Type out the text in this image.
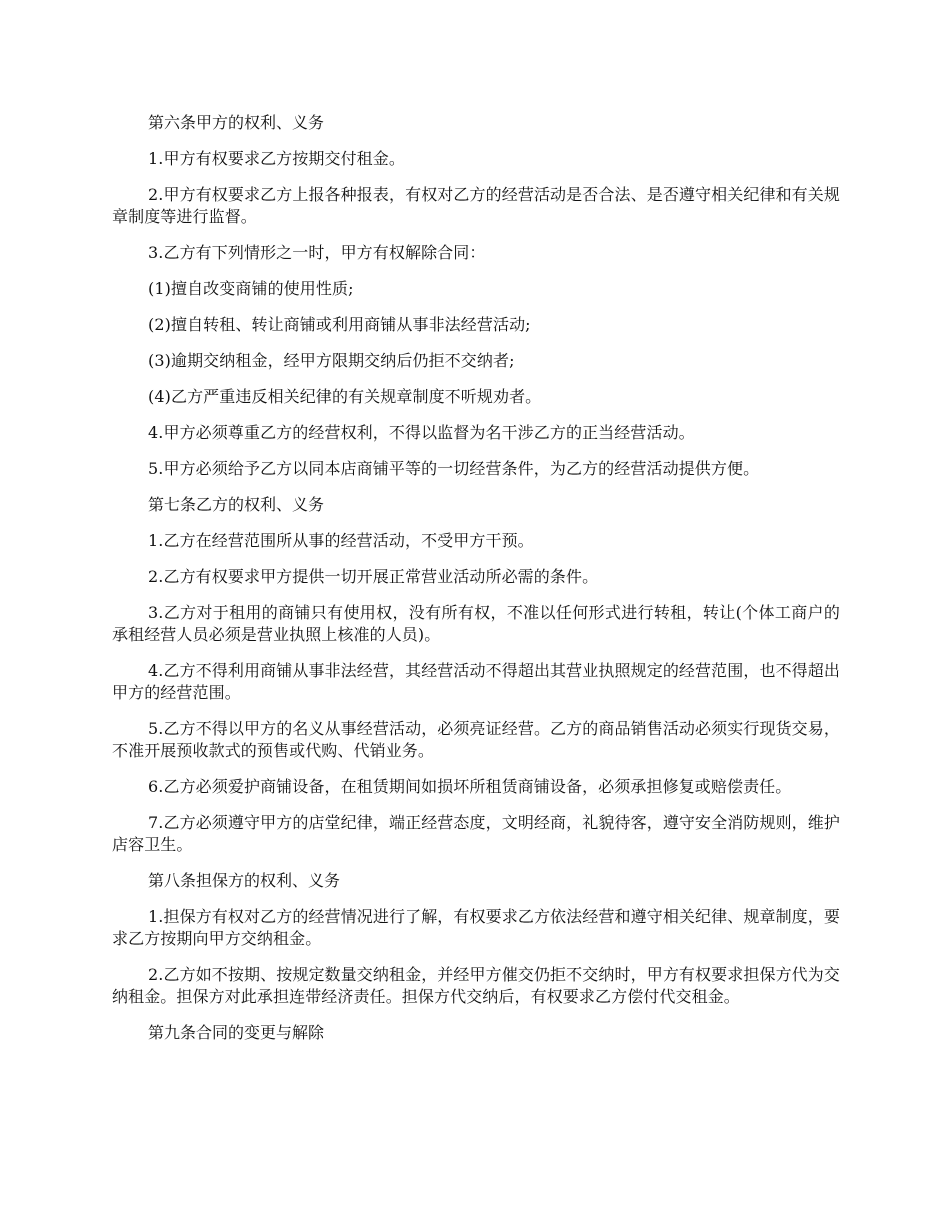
第六条甲方的权利、义务

1.甲方有权要求乙方按期交付租金。

2.甲方有权要求乙方上报各种报表，有权对乙方的经营活动是否合法、是否遵守相关纪律和有关规章制度等进行监督。

3.乙方有下列情形之一时，甲方有权解除合同：

(1)擅自改变商铺的使用性质;

(2)擅自转租、转让商铺或利用商铺从事非法经营活动;

(3)逾期交纳租金，经甲方限期交纳后仍拒不交纳者;

(4)乙方严重违反相关纪律的有关规章制度不听规劝者。

4.甲方必须尊重乙方的经营权利，不得以监督为名干涉乙方的正当经营活动。

5.甲方必须给予乙方以同本店商铺平等的一切经营条件，为乙方的经营活动提供方便。

第七条乙方的权利、义务

1.乙方在经营范围所从事的经营活动，不受甲方干预。

2.乙方有权要求甲方提供一切开展正常营业活动所必需的条件。

3.乙方对于租用的商铺只有使用权，没有所有权，不准以任何形式进行转租，转让(个体工商户的承租经营人员必须是营业执照上核准的人员)。

4.乙方不得利用商铺从事非法经营，其经营活动不得超出其营业执照规定的经营范围，也不得超出甲方的经营范围。

5.乙方不得以甲方的名义从事经营活动，必须亮证经营。乙方的商品销售活动必须实行现货交易，不准开展预收款式的预售或代购、代销业务。

6.乙方必须爱护商铺设备，在租赁期间如损坏所租赁商铺设备，必须承担修复或赔偿责任。

7.乙方必须遵守甲方的店堂纪律，端正经营态度，文明经商，礼貌待客，遵守安全消防规则，维护店容卫生。

第八条担保方的权利、义务

1.担保方有权对乙方的经营情况进行了解，有权要求乙方依法经营和遵守相关纪律、规章制度，要求乙方按期向甲方交纳租金。

2.乙方如不按期、按规定数量交纳租金，并经甲方催交仍拒不交纳时，甲方有权要求担保方代为交纳租金。担保方对此承担连带经济责任。担保方代交纳后，有权要求乙方偿付代交租金。

第九条合同的变更与解除
